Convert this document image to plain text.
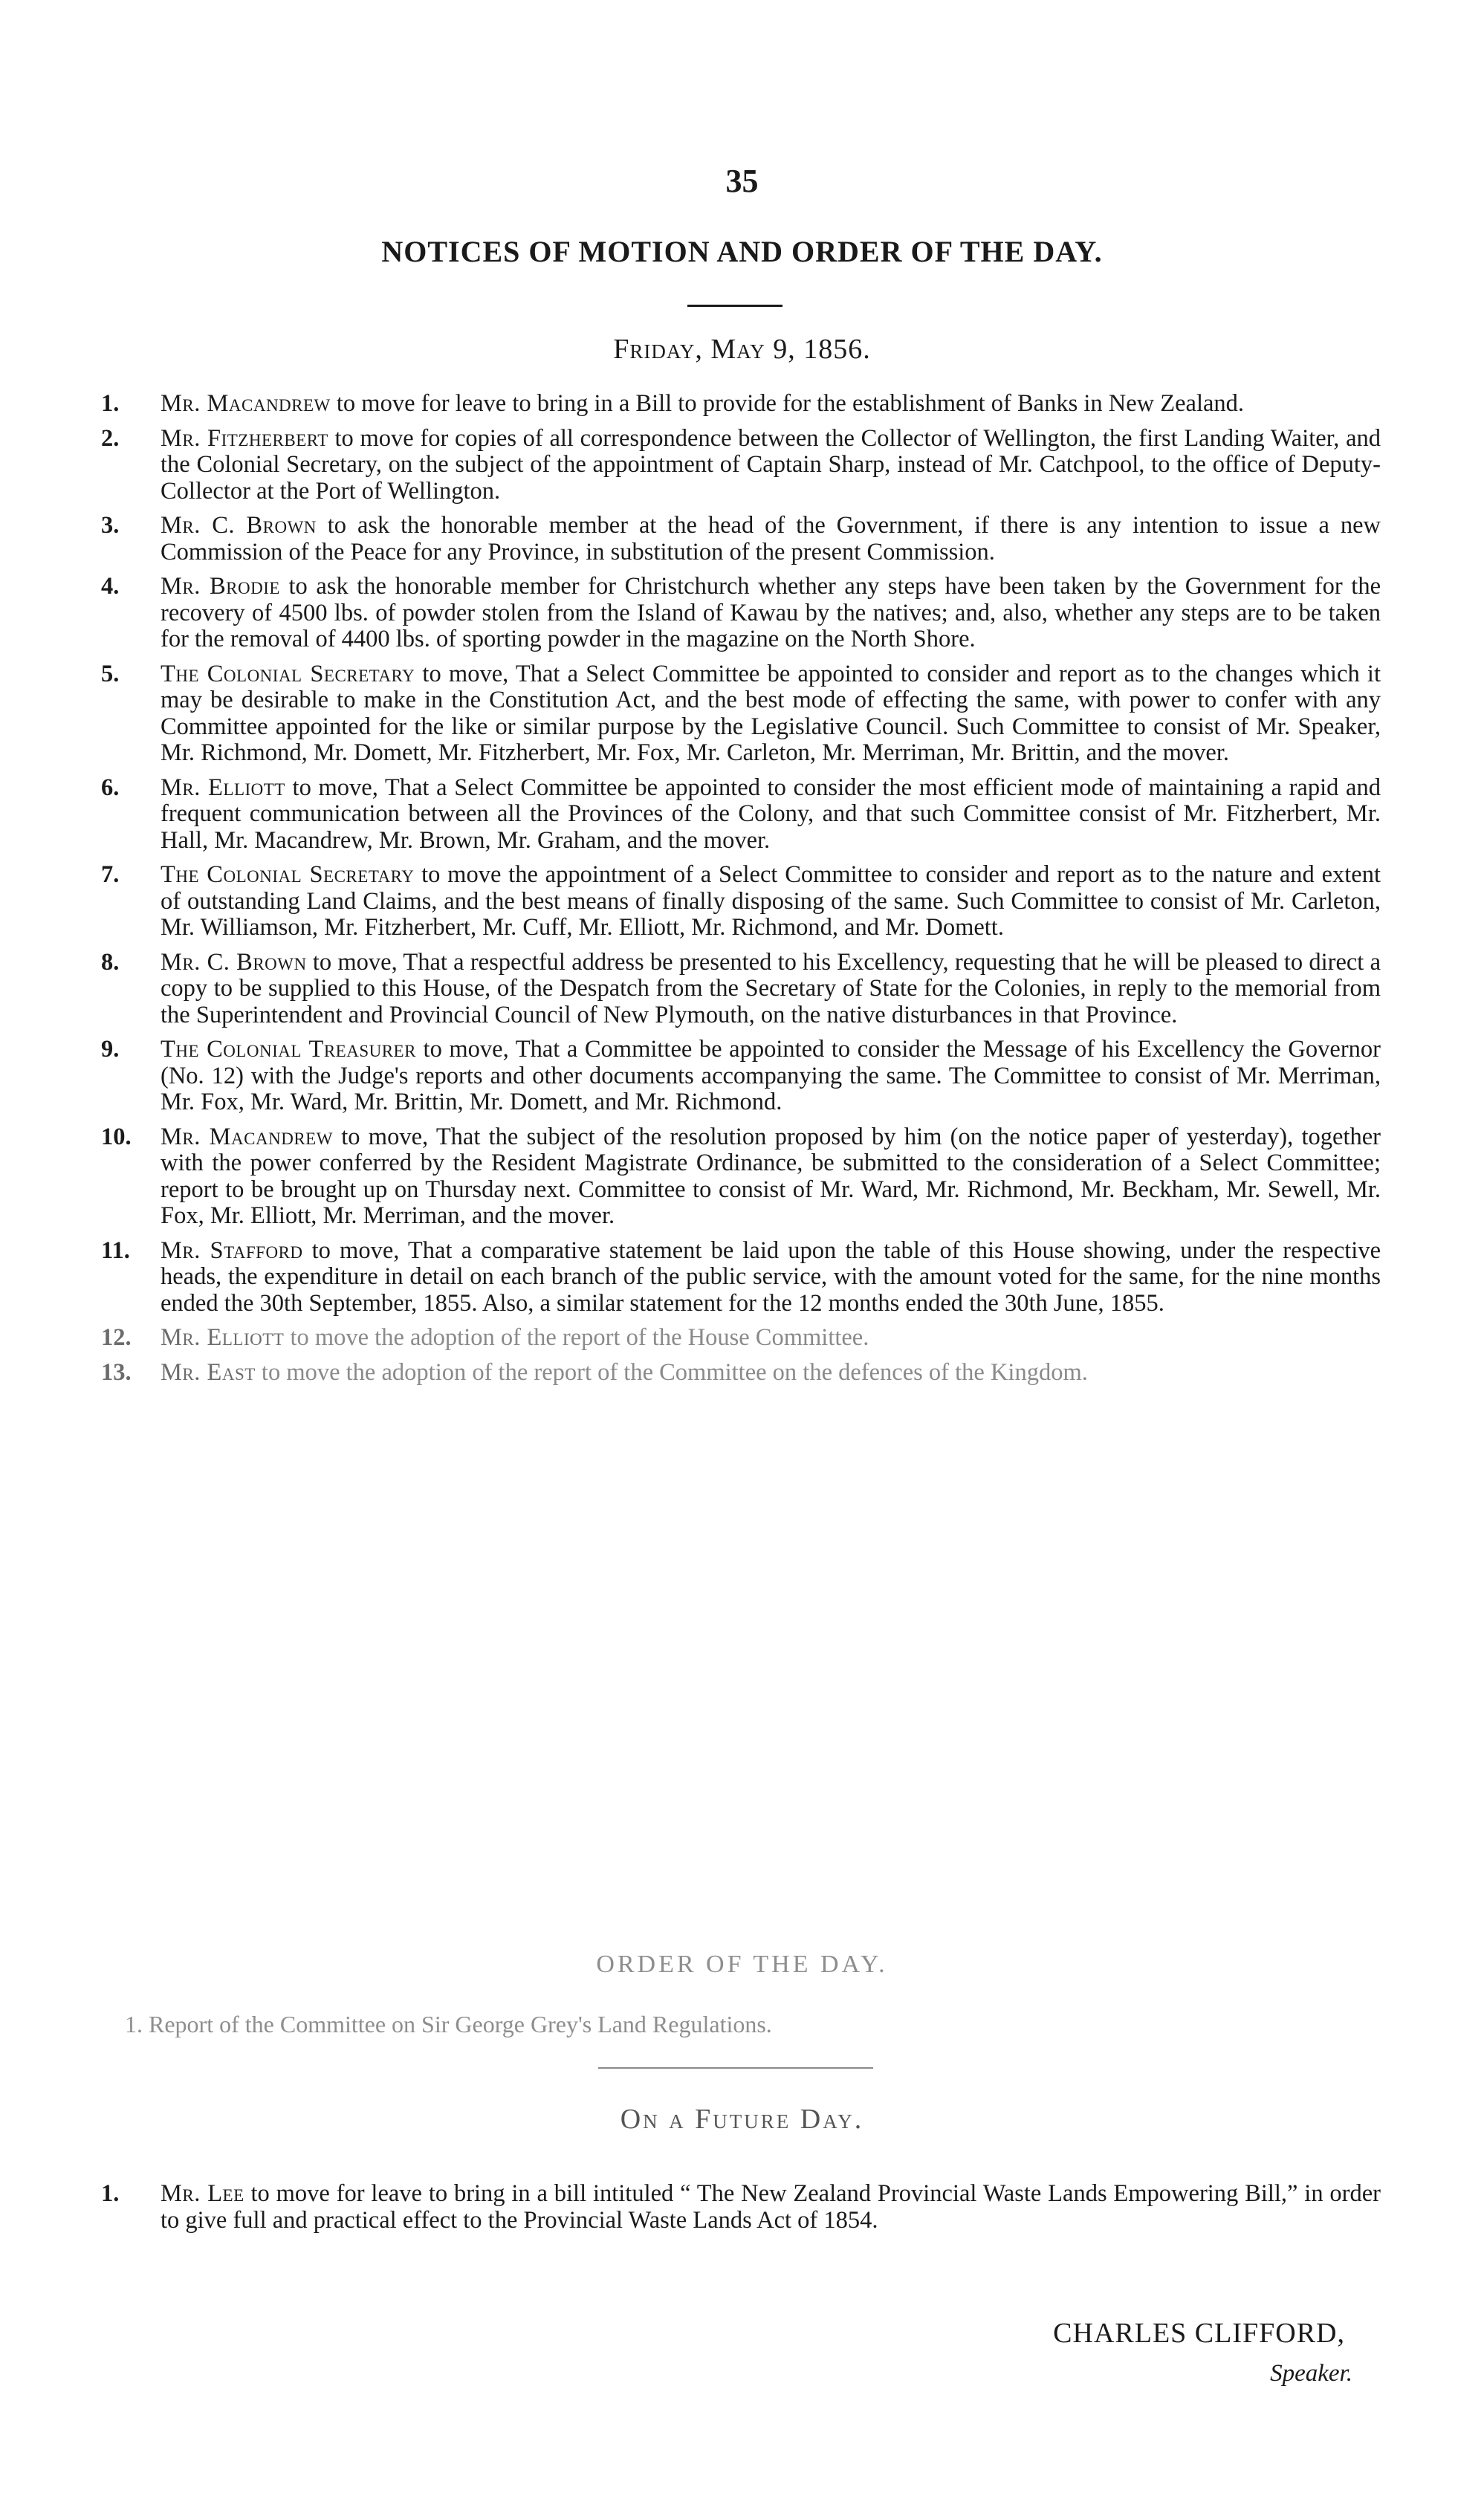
35
NOTICES OF MOTION AND ORDER OF THE DAY.
Friday, May 9, 1856.
1.	Mr. Macandrew to move for leave to bring in a Bill to provide for the establishment of Banks in New Zealand.
2.	Mr. Fitzherbert to move for copies of all correspondence between the Collector of Wellington, the first Landing Waiter, and the Colonial Secretary, on the subject of the appointment of Captain Sharp, instead of Mr. Catchpool, to the office of Deputy-Collector at the Port of Wellington.
3.	Mr. C. Brown to ask the honorable member at the head of the Government, if there is any intention to issue a new Commission of the Peace for any Province, in substitution of the present Commission.
4.	Mr. Brodie to ask the honorable member for Christchurch whether any steps have been taken by the Government for the recovery of 4500 lbs. of powder stolen from the Island of Kawau by the natives; and, also, whether any steps are to be taken for the removal of 4400 lbs. of sporting powder in the magazine on the North Shore.
5.	The Colonial Secretary to move, That a Select Committee be appointed to consider and report as to the changes which it may be desirable to make in the Constitution Act, and the best mode of effecting the same, with power to confer with any Committee appointed for the like or similar purpose by the Legislative Council. Such Committee to consist of Mr. Speaker, Mr. Richmond, Mr. Domett, Mr. Fitzherbert, Mr. Fox, Mr. Carleton, Mr. Merriman, Mr. Brittin, and the mover.
6.	Mr. Elliott to move, That a Select Committee be appointed to consider the most efficient mode of maintaining a rapid and frequent communication between all the Provinces of the Colony, and that such Committee consist of Mr. Fitzherbert, Mr. Hall, Mr. Macandrew, Mr. Brown, Mr. Graham, and the mover.
7.	The Colonial Secretary to move the appointment of a Select Committee to consider and report as to the nature and extent of outstanding Land Claims, and the best means of finally disposing of the same. Such Committee to consist of Mr. Carleton, Mr. Williamson, Mr. Fitzherbert, Mr. Cuff, Mr. Elliott, Mr. Richmond, and Mr. Domett.
8.	Mr. C. Brown to move, That a respectful address be presented to his Excellency, requesting that he will be pleased to direct a copy to be supplied to this House, of the Despatch from the Secretary of State for the Colonies, in reply to the memorial from the Superintendent and Provincial Council of New Plymouth, on the native disturbances in that Province.
9.	The Colonial Treasurer to move, That a Committee be appointed to consider the Message of his Excellency the Governor (No. 12) with the Judge's reports and other documents accompanying the same. The Committee to consist of Mr. Merriman, Mr. Fox, Mr. Ward, Mr. Brittin, Mr. Domett, and Mr. Richmond.
10.	Mr. Macandrew to move, That the subject of the resolution proposed by him (on the notice paper of yesterday), together with the power conferred by the Resident Magistrate Ordinance, be submitted to the consideration of a Select Committee; report to be brought up on Thursday next. Committee to consist of Mr. Ward, Mr. Richmond, Mr. Beckham, Mr. Sewell, Mr. Fox, Mr. Elliott, Mr. Merriman, and the mover.
11.	Mr. Stafford to move, That a comparative statement be laid upon the table of this House showing, under the respective heads, the expenditure in detail on each branch of the public service, with the amount voted for the same, for the nine months ended the 30th September, 1855. Also, a similar statement for the 12 months ended the 30th June, 1855.
12.	Mr. Elliott to move the adoption of the report of the House Committee.
13.	Mr. East to move the adoption of the report of the Committee on the defences of the Kingdom.
ORDER OF THE DAY.
1. Report of the Committee on Sir George Grey's Land Regulations.
On a Future Day.
1.	Mr. Lee to move for leave to bring in a bill intituled “ The New Zealand Provincial Waste Lands Empowering Bill,” in order to give full and practical effect to the Provincial Waste Lands Act of 1854.
CHARLES CLIFFORD,
Speaker.
